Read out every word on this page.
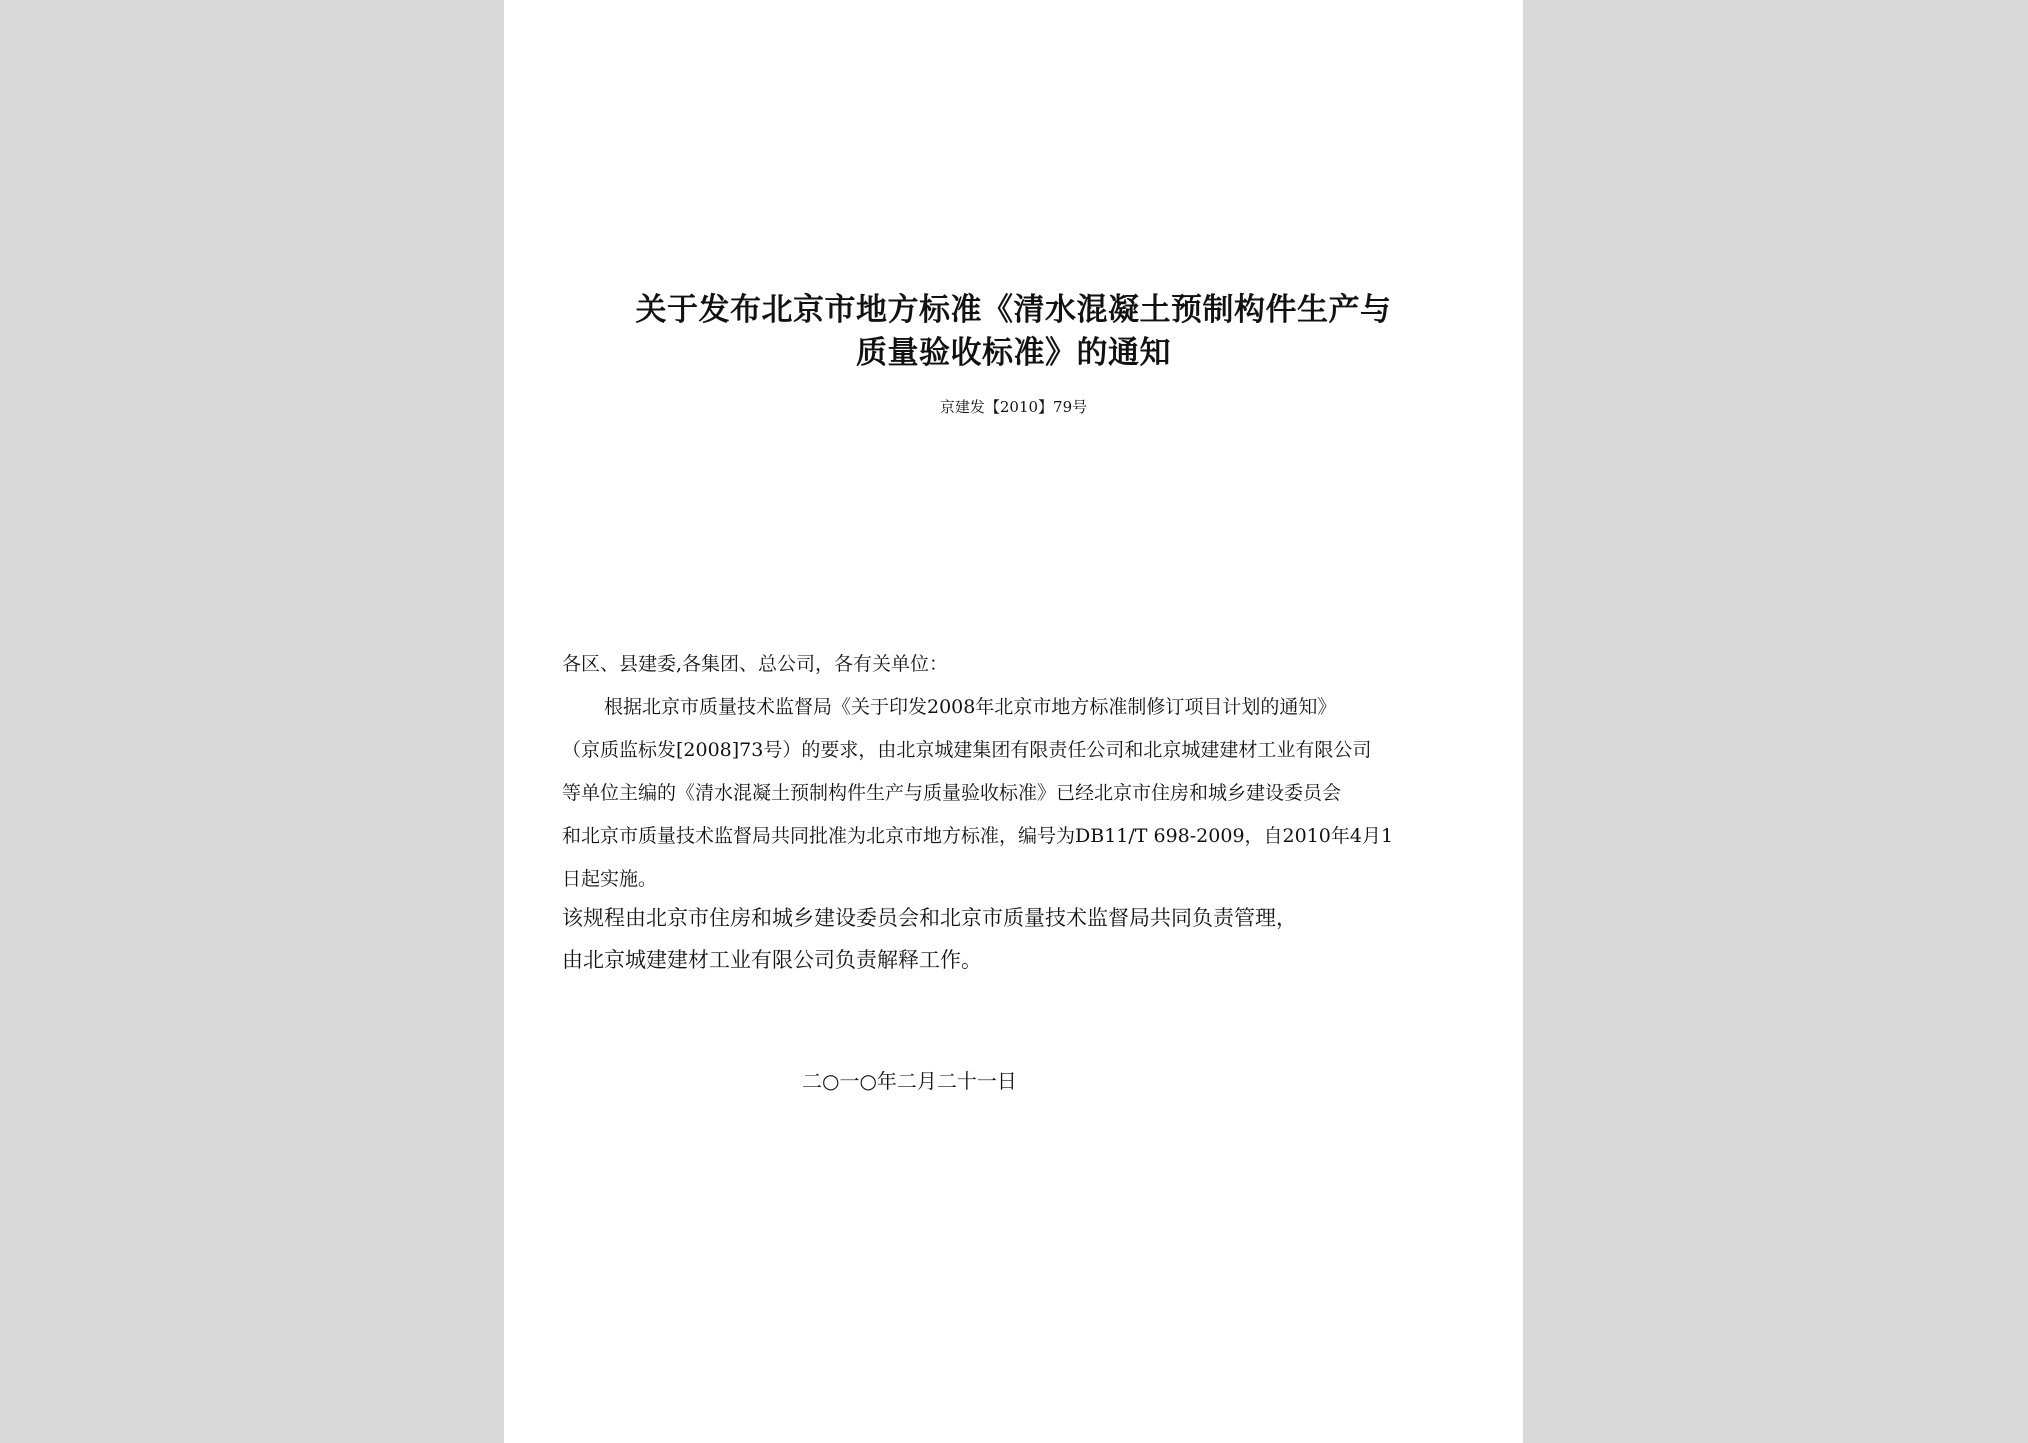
关于发布北京市地方标准《清水混凝土预制构件生产与
质量验收标准》的通知
京建发【2010】79号
各区、县建委,各集团、总公司，各有关单位：
根据北京市质量技术监督局《关于印发2008年北京市地方标准制修订项目计划的通知》
（京质监标发[2008]73号）的要求，由北京城建集团有限责任公司和北京城建建材工业有限公司
等单位主编的《清水混凝土预制构件生产与质量验收标准》已经北京市住房和城乡建设委员会
和北京市质量技术监督局共同批准为北京市地方标准，编号为DB11/T 698-2009，自2010年4月1
日起实施。
该规程由北京市住房和城乡建设委员会和北京市质量技术监督局共同负责管理，
由北京城建建材工业有限公司负责解释工作。
二○一○年二月二十一日
